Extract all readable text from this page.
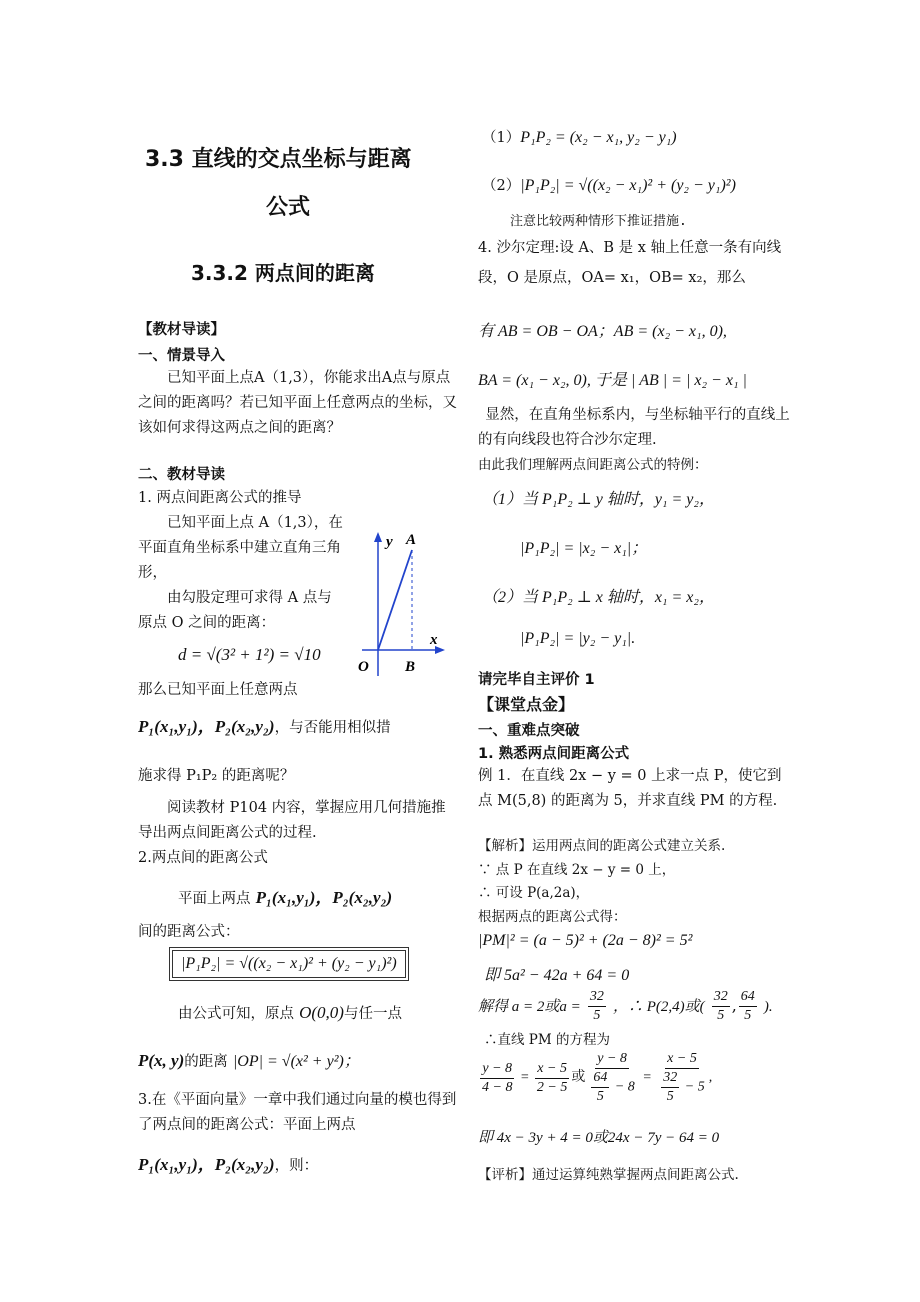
3.3 直线的交点坐标与距离
公式
3.3.2 两点间的距离
【教材导读】
一、情景导入
已知平面上点A（1,3），你能求出A点与原点之间的距离吗？若已知平面上任意两点的坐标，又该如何求得这两点之间的距离？
二、教材导读
1. 两点间距离公式的推导
已知平面上点 A（1,3），在平面直角坐标系中建立直角三角形，
由勾股定理可求得 A 点与原点 O 之间的距离：
d = √(3² + 1²) = √10
那么已知平面上任意两点
P₁(x₁,y₁)，P₂(x₂,y₂)，与否能用相似措
施求得 P₁P₂ 的距离呢？
阅读教材 P104 内容，掌握应用几何措施推导出两点间距离公式的过程.
2.两点间的距离公式
平面上两点 P₁(x₁,y₁)，P₂(x₂,y₂)
间的距离公式：
|P₁P₂| = √((x₂ − x₁)² + (y₂ − y₁)²)
由公式可知，原点 O(0,0)与任一点
P(x, y)的距离 |OP| = √(x² + y²)；
3.在《平面向量》一章中我们通过向量的模也得到了两点间的距离公式：平面上两点
P₁(x₁,y₁)，P₂(x₂,y₂)，则：
y A
x
O B
（1）P₁P₂ = (x₂ − x₁, y₂ − y₁)
（2）|P₁P₂| = √((x₂ − x₁)² + (y₂ − y₁)²)
注意比较两种情形下推证措施.
4. 沙尔定理:设 A、B 是 x 轴上任意一条有向线段，O 是原点，OA= x₁，OB= x₂，那么
有 AB = OB − OA；AB = (x₂ − x₁, 0),
BA = (x₁ − x₂, 0), 于是 | AB | = | x₂ − x₁ |
显然，在直角坐标系内，与坐标轴平行的直线上的有向线段也符合沙尔定理.
由此我们理解两点间距离公式的特例：
（1）当 P₁P₂ ⊥ y 轴时，y₁ = y₂，
|P₁P₂| = |x₂ − x₁|；
（2）当 P₁P₂ ⊥ x 轴时，x₁ = x₂，
|P₁P₂| = |y₂ − y₁|.
请完毕自主评价 1
【课堂点金】
一、重难点突破
1. 熟悉两点间距离公式
例 1．在直线 2x − y = 0 上求一点 P，使它到点 M(5,8) 的距离为 5，并求直线 PM 的方程.
【解析】运用两点间的距离公式建立关系.
∵ 点 P 在直线 2x − y = 0 上，
∴ 可设 P(a,2a)，
根据两点的距离公式得：
|PM|² = (a − 5)² + (2a − 8)² = 5²
即 5a² − 42a + 64 = 0
解得 a = 2或$a = \frac{32}{5}$ ，∴ P(2,4)或( $\frac{32}{5}$ , $\frac{64}{5}$ ).
∴直线 PM 的方程为
$\frac{y - 8}{4 - 8} = \frac{x - 5}{2 - 5}$ 或 $\frac{y - 8}{\frac{64}{5} - 8} = \frac{x - 5}{\frac{32}{5} - 5}$ ,
即 4x − 3y + 4 = 0或24x − 7y − 64 = 0
【评析】通过运算纯熟掌握两点间距离公式.
